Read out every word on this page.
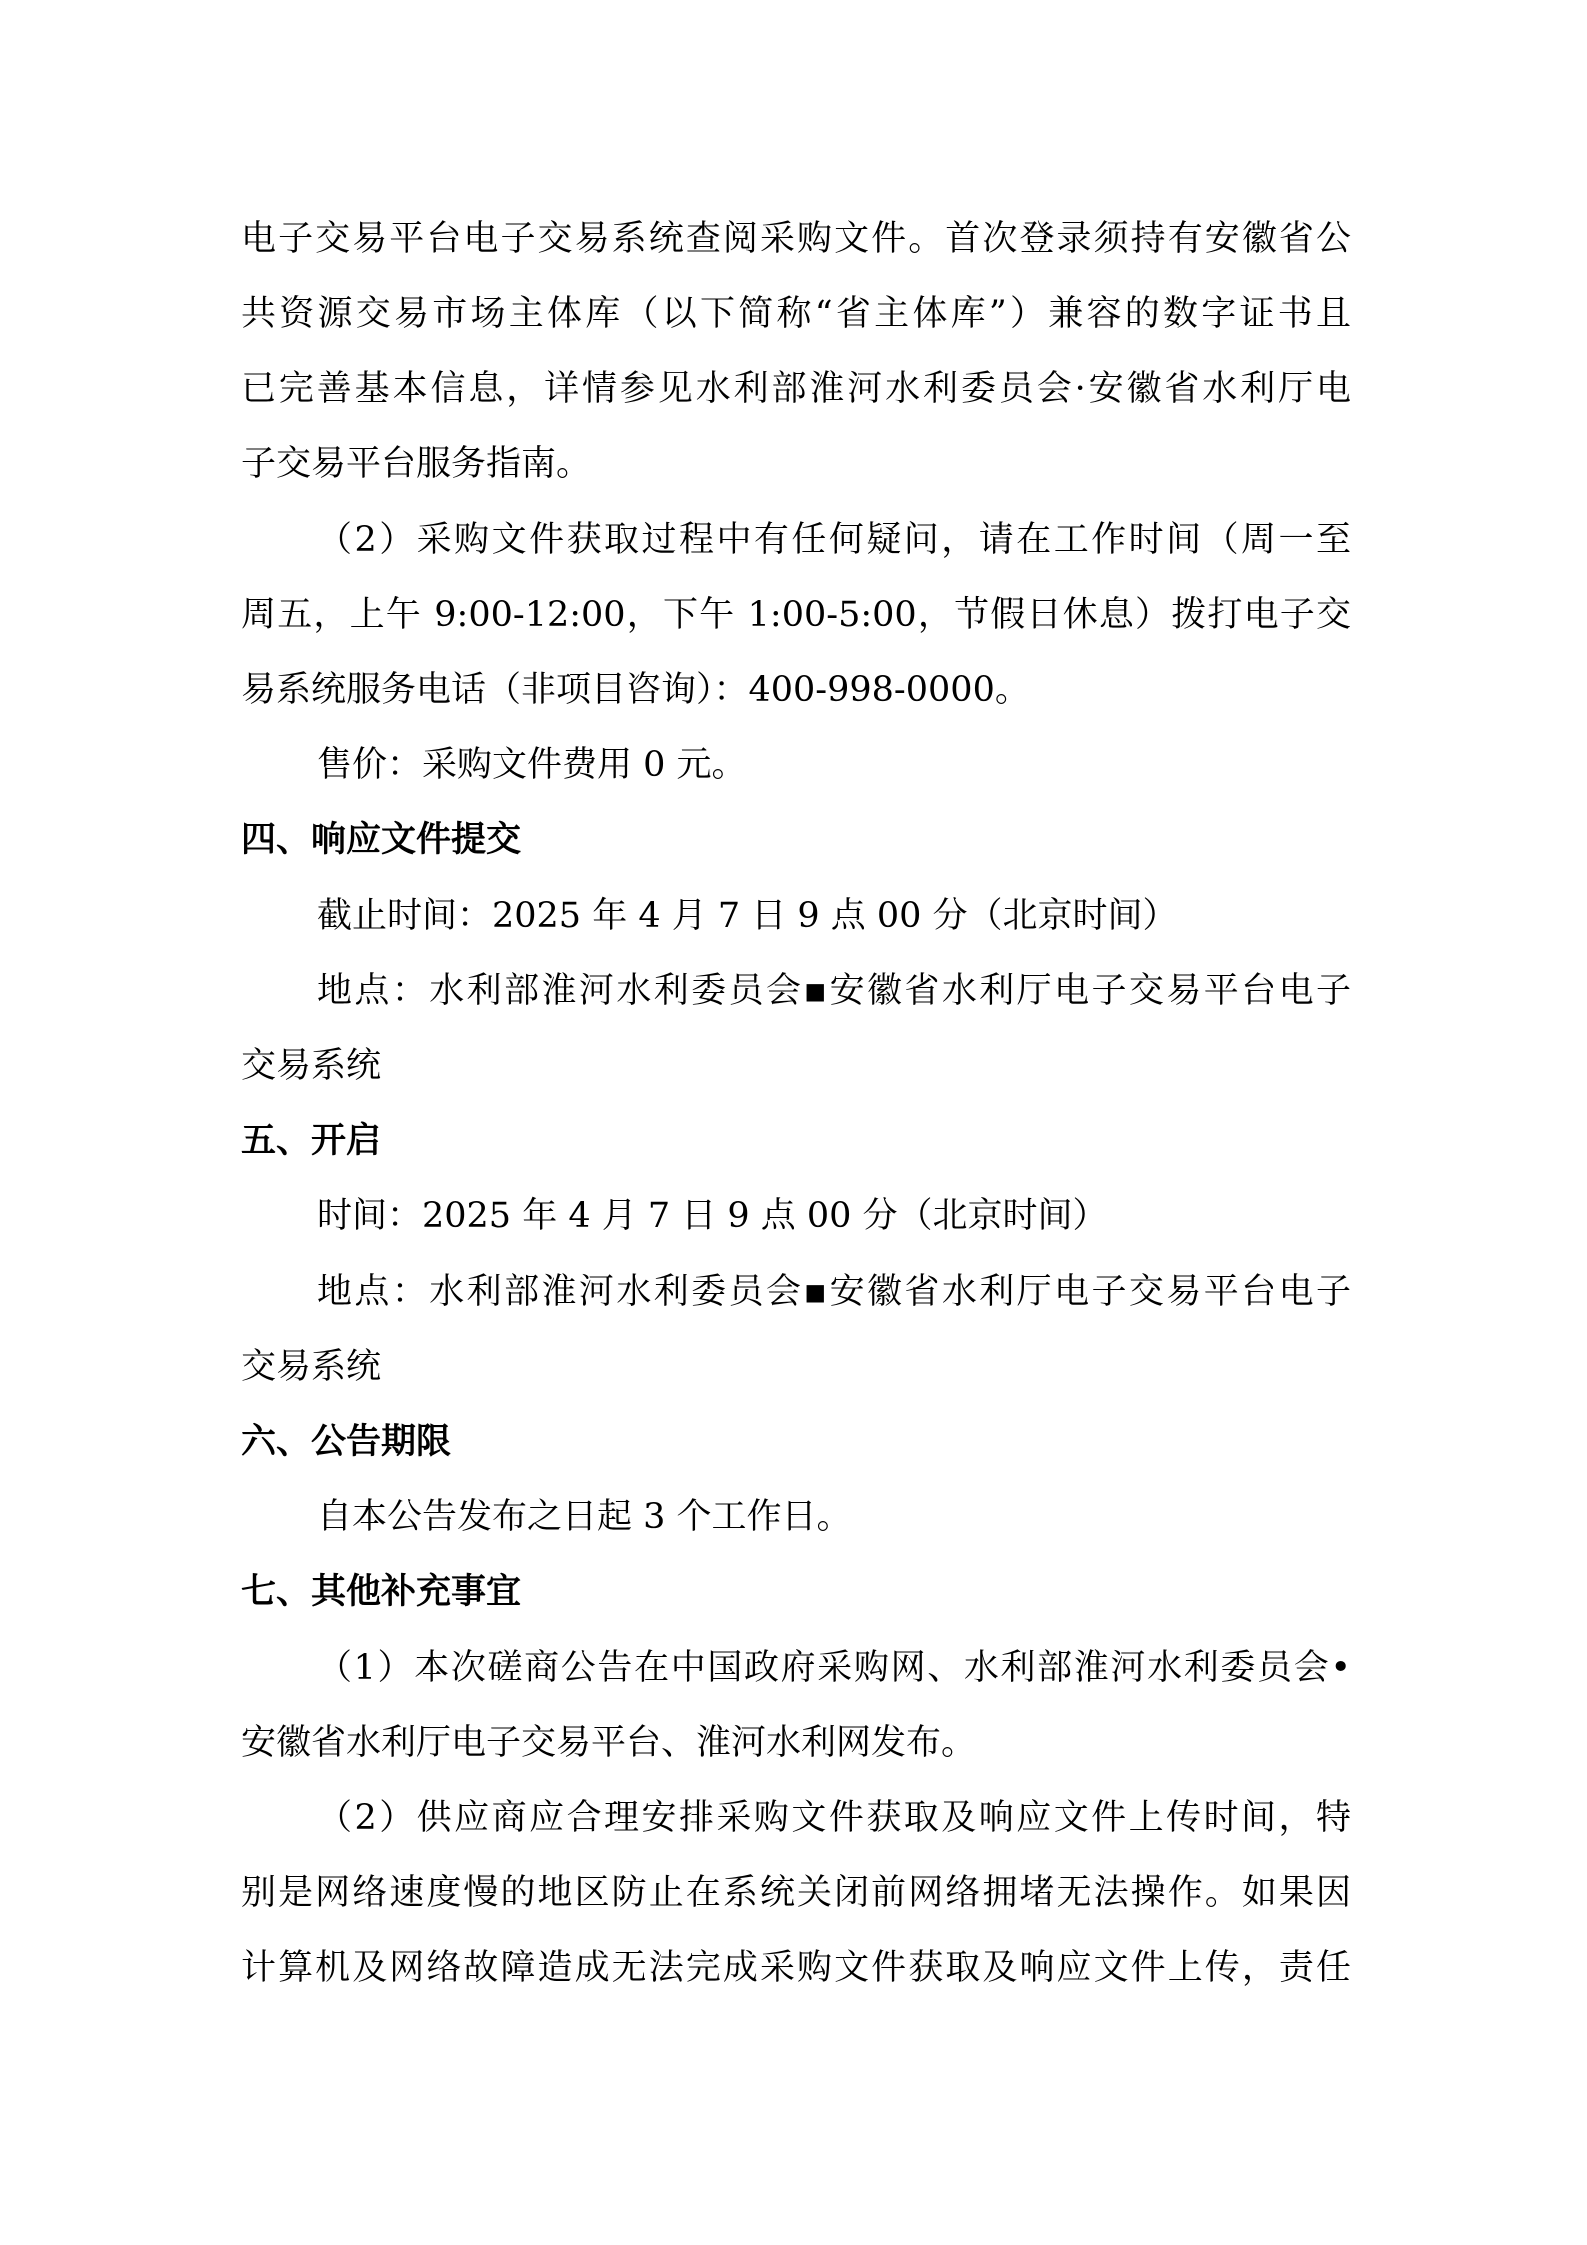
电子交易平台电子交易系统查阅采购文件。首次登录须持有安徽省公
共资源交易市场主体库（以下简称“省主体库”）兼容的数字证书且
已完善基本信息，详情参见水利部淮河水利委员会·安徽省水利厅电
子交易平台服务指南。
（2）采购文件获取过程中有任何疑问，请在工作时间（周一至
周五，上午 9:00-12:00，下午 1:00-5:00，节假日休息）拨打电子交
易系统服务电话（非项目咨询）：400-998-0000。
售价：采购文件费用 0 元。
四、响应文件提交
截止时间：2025 年 4 月 7 日 9 点 00 分（北京时间）
地点：水利部淮河水利委员会▪安徽省水利厅电子交易平台电子
交易系统
五、开启
时间：2025 年 4 月 7 日 9 点 00 分（北京时间）
地点：水利部淮河水利委员会▪安徽省水利厅电子交易平台电子
交易系统
六、公告期限
自本公告发布之日起 3 个工作日。
七、其他补充事宜
（1）本次磋商公告在中国政府采购网、水利部淮河水利委员会•
安徽省水利厅电子交易平台、淮河水利网发布。
（2）供应商应合理安排采购文件获取及响应文件上传时间，特
别是网络速度慢的地区防止在系统关闭前网络拥堵无法操作。如果因
计算机及网络故障造成无法完成采购文件获取及响应文件上传，责任
